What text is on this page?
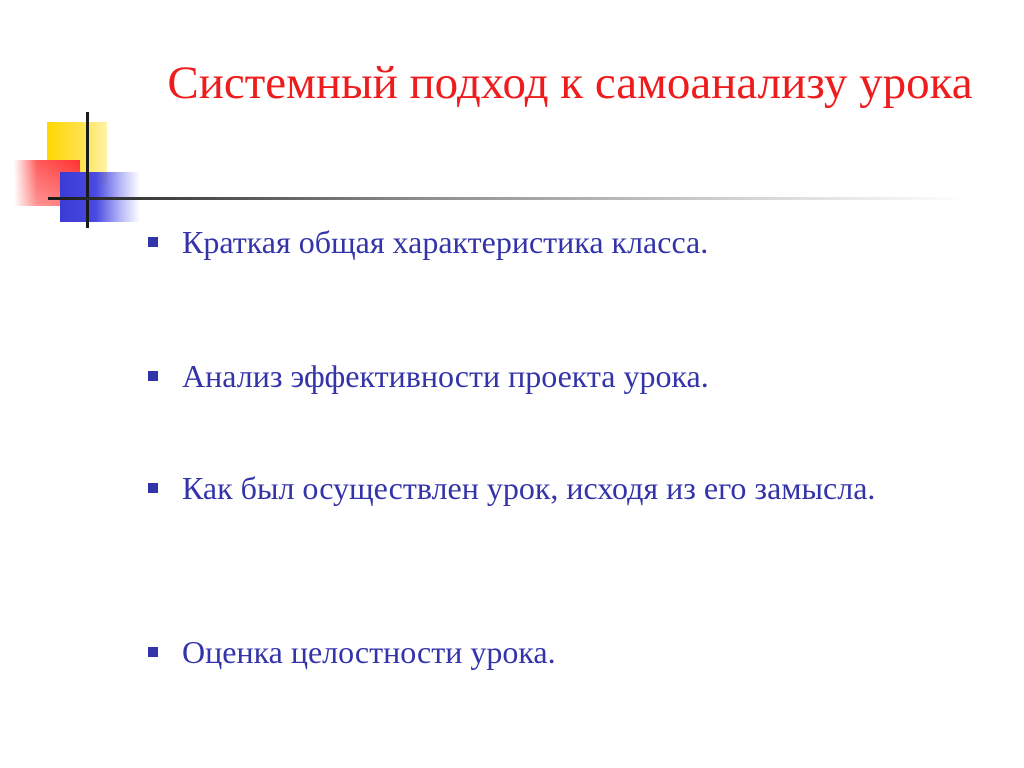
Системный подход к самоанализу урока
Краткая общая характеристика класса.
Анализ эффективности проекта урока.
Как был осуществлен урок, исходя из его замысла.
Оценка целостности урока.
